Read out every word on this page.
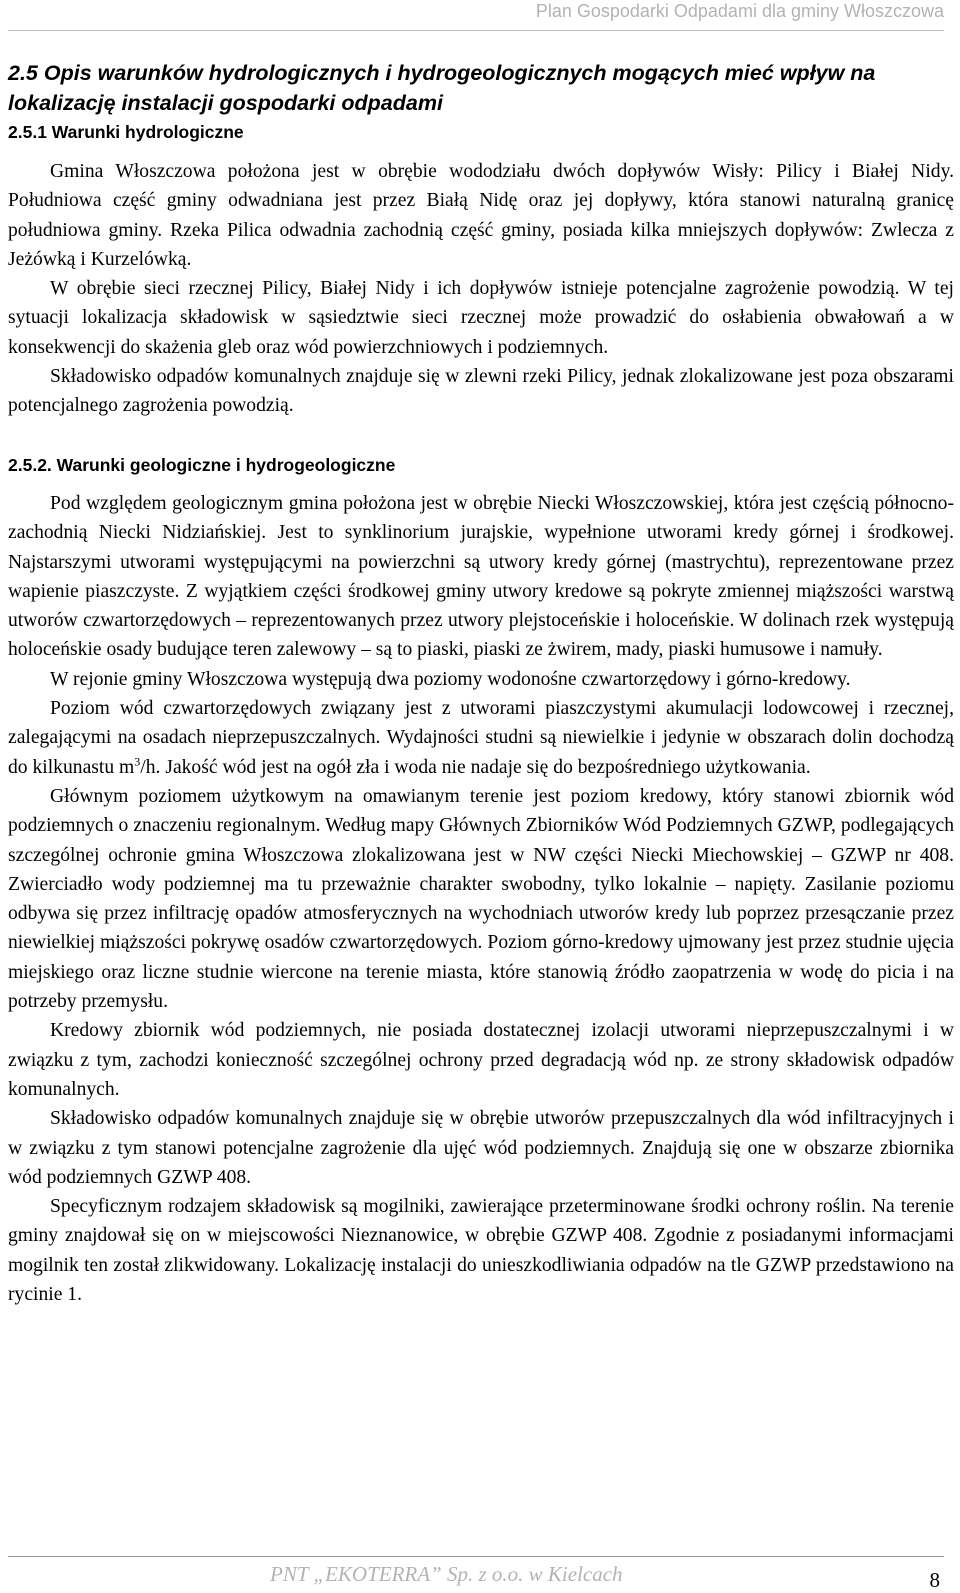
Plan Gospodarki Odpadami dla gminy Włoszczowa
2.5 Opis warunków hydrologicznych i hydrogeologicznych mogących mieć wpływ na lokalizację instalacji gospodarki odpadami
2.5.1 Warunki hydrologiczne

Gmina Włoszczowa położona jest w obrębie wododziału dwóch dopływów Wisły: Pilicy i Białej Nidy. Południowa część gminy odwadniana jest przez Białą Nidę oraz jej dopływy, która stanowi naturalną granicę południowa gminy. Rzeka Pilica odwadnia zachodnią część gminy, posiada kilka mniejszych dopływów: Zwlecza z Jeżówką i Kurzelówką.

W obrębie sieci rzecznej Pilicy, Białej Nidy i ich dopływów istnieje potencjalne zagrożenie powodzią. W tej sytuacji lokalizacja składowisk w sąsiedztwie sieci rzecznej może prowadzić do osłabienia obwałowań a w konsekwencji do skażenia gleb oraz wód powierzchniowych i podziemnych.

Składowisko odpadów komunalnych znajduje się w zlewni rzeki Pilicy, jednak zlokalizowane jest poza obszarami potencjalnego zagrożenia powodzią.

2.5.2. Warunki geologiczne i hydrogeologiczne

Pod względem geologicznym gmina położona jest w obrębie Niecki Włoszczowskiej, która jest częścią północno-zachodnią Niecki Nidziańskiej. Jest to synklinorium jurajskie, wypełnione utworami kredy górnej i środkowej. Najstarszymi utworami występującymi na powierzchni są utwory kredy górnej (mastrychtu), reprezentowane przez wapienie piaszczyste. Z wyjątkiem części środkowej gminy utwory kredowe są pokryte zmiennej miąższości warstwą utworów czwartorzędowych – reprezentowanych przez utwory plejstoceńskie i holoceńskie. W dolinach rzek występują holoceńskie osady budujące teren zalewowy – są to piaski, piaski ze żwirem, mady, piaski humusowe i namuły.

W rejonie gminy Włoszczowa występują dwa poziomy wodonośne czwartorzędowy i górno-kredowy.

Poziom wód czwartorzędowych związany jest z utworami piaszczystymi akumulacji lodowcowej i rzecznej, zalegającymi na osadach nieprzepuszczalnych. Wydajności studni są niewielkie i jedynie w obszarach dolin dochodzą do kilkunastu $m^3/h$. Jakość wód jest na ogół zła i woda nie nadaje się do bezpośredniego użytkowania.

Głównym poziomem użytkowym na omawianym terenie jest poziom kredowy, który stanowi zbiornik wód podziemnych o znaczeniu regionalnym. Według mapy Głównych Zbiorników Wód Podziemnych GZWP, podlegających szczególnej ochronie gmina Włoszczowa zlokalizowana jest w NW części Niecki Miechowskiej – GZWP nr 408. Zwierciadło wody podziemnej ma tu przeważnie charakter swobodny, tylko lokalnie – napięty. Zasilanie poziomu odbywa się przez infiltrację opadów atmosferycznych na wychodniach utworów kredy lub poprzez przesączanie przez niewielkiej miąższości pokrywę osadów czwartorzędowych. Poziom górno-kredowy ujmowany jest przez studnie ujęcia miejskiego oraz liczne studnie wiercone na terenie miasta, które stanowią źródło zaopatrzenia w wodę do picia i na potrzeby przemysłu.

Kredowy zbiornik wód podziemnych, nie posiada dostatecznej izolacji utworami nieprzepuszczalnymi i w związku z tym, zachodzi konieczność szczególnej ochrony przed degradacją wód np. ze strony składowisk odpadów komunalnych.

Składowisko odpadów komunalnych znajduje się w obrębie utworów przepuszczalnych dla wód infiltracyjnych i w związku z tym stanowi potencjalne zagrożenie dla ujęć wód podziemnych. Znajdują się one w obszarze zbiornika wód podziemnych GZWP 408.

Specyficznym rodzajem składowisk są mogilniki, zawierające przeterminowane środki ochrony roślin. Na terenie gminy znajdował się on w miejscowości Nieznanowice, w obrębie GZWP 408. Zgodnie z posiadanymi informacjami mogilnik ten został zlikwidowany. Lokalizację instalacji do unieszkodliwiania odpadów na tle GZWP przedstawiono na rycinie 1.

PNT „EKOTERRA” Sp. z o.o. w Kielcach	8
